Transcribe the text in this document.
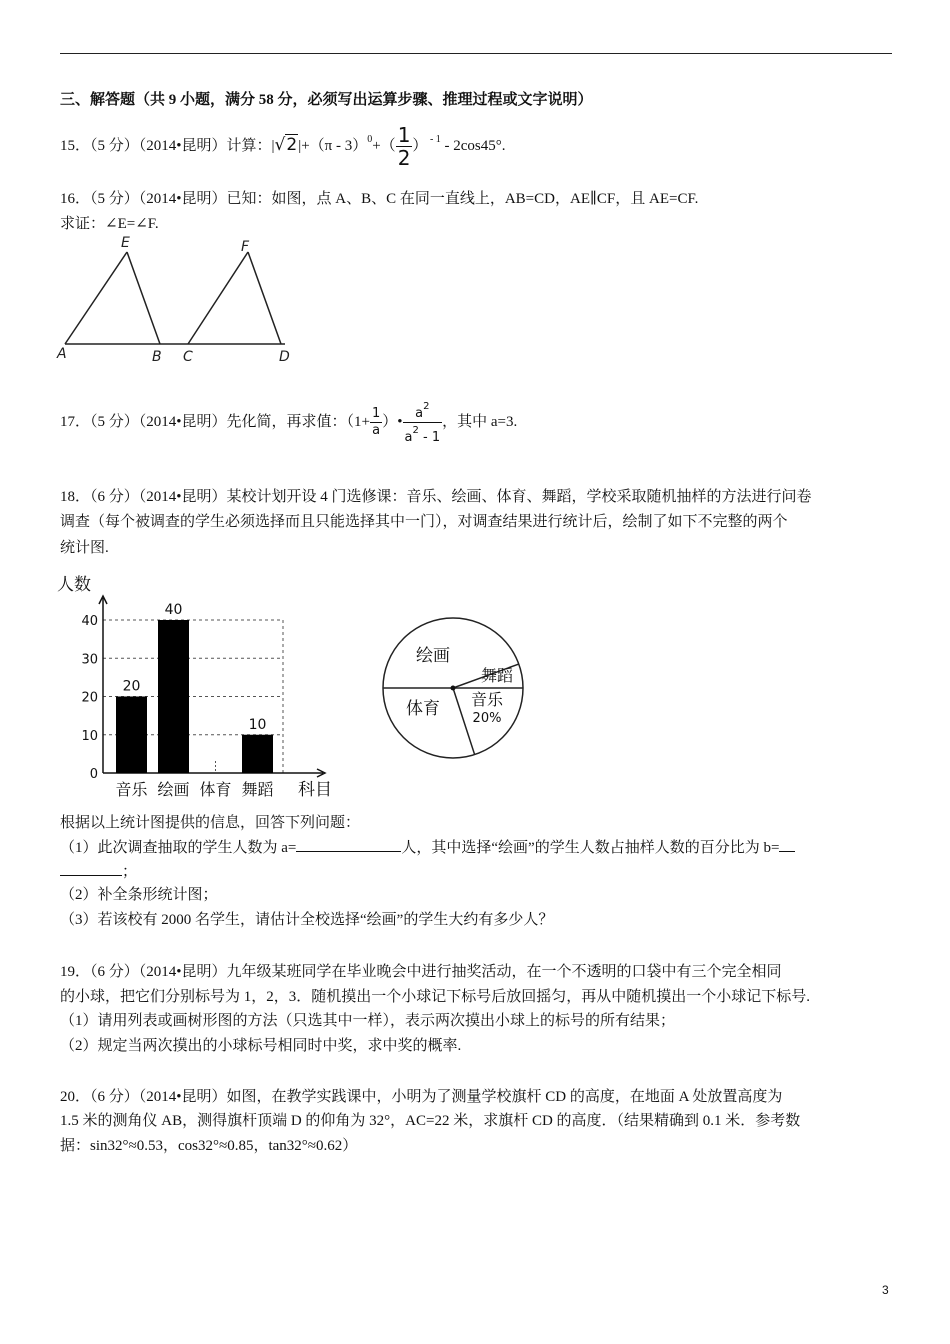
三、解答题（共 9 小题，满分 58 分，必须写出运算步骤、推理过程或文字说明）
15．（5 分）（2014•昆明）计算：$|√2|+(\pi - 3)^0+( \frac{1}{2}$ ） $^{- 1}$ - 2cos45°.
16．（5 分）（2014•昆明）已知：如图，点 A、B、C 在同一直线上，AB=CD，AE∥CF，且 AE=CF.
求证：∠E=∠F.
E	F
A	B C	D
17．（5 分）（2014•昆明）先化简，再求值：（$1+ \frac{1}{a}$ ）• $\frac{a^2}{a^2 - 1}$ ，其中 a=3.
18．（6 分）（2014•昆明）某校计划开设 4 门选修课：音乐、绘画、体育、舞蹈，学校采取随机抽样的方法进行问卷
调查（每个被调查的学生必须选择而且只能选择其中一门），对调查结果进行统计后，绘制了如下不完整的两个
统计图.
人数
科目
0
10
20
30
40
20
音乐
40
绘画 体育
10
舞蹈
绘画
舞蹈
音乐
20%
体育
根据以上统计图提供的信息，回答下列问题：
（1）此次调查抽取的学生人数为 a=	人，其中选择“绘画”的学生人数占抽样人数的百分比为 b=
；
（2）补全条形统计图；
（3）若该校有 2000 名学生，请估计全校选择“绘画”的学生大约有多少人？
19．（6 分）（2014•昆明）九年级某班同学在毕业晚会中进行抽奖活动，在一个不透明的口袋中有三个完全相同
的小球，把它们分别标号为 1，2，3．随机摸出一个小球记下标号后放回摇匀，再从中随机摸出一个小球记下标号.
（1）请用列表或画树形图的方法（只选其中一样），表示两次摸出小球上的标号的所有结果；
（2）规定当两次摸出的小球标号相同时中奖，求中奖的概率.
20．（6 分）（2014•昆明）如图，在教学实践课中，小明为了测量学校旗杆 CD 的高度，在地面 A 处放置高度为
1.5 米的测角仪 AB，测得旗杆顶端 D 的仰角为 32°，AC=22 米，求旗杆 CD 的高度．（结果精确到 0.1 米．参考数
据：sin32°≈0.53，cos32°≈0.85，tan32°≈0.62）
3
